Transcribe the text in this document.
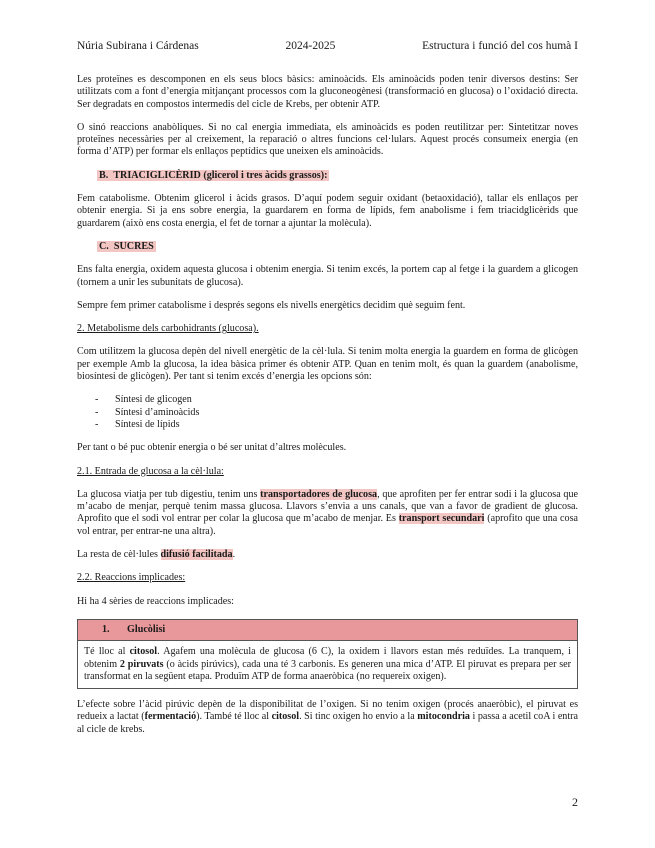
Núria Subirana i Cárdenas	2024-2025	Estructura i funció del cos humà I

Les proteïnes es descomponen en els seus blocs bàsics: aminoàcids. Els aminoàcids poden tenir diversos destins: Ser utilitzats com a font d’energia mitjançant processos com la gluconeogènesi (transformació en glucosa) o l’oxidació directa. Ser degradats en compostos intermedis del cicle de Krebs, per obtenir ATP.

O sinó reaccions anabòliques. Si no cal energia immediata, els aminoàcids es poden reutilitzar per: Sintetitzar noves proteïnes necessàries per al creixement, la reparació o altres funcions cel·lulars. Aquest procés consumeix energia (en forma d’ATP) per formar els enllaços peptídics que uneixen els aminoàcids.

B. TRIACIGLICÈRID (glicerol i tres àcids grassos):

Fem catabolisme. Obtenim glicerol i àcids grasos. D’aquí podem seguir oxidant (betaoxidació), tallar els enllaços per obtenir energia. Si ja ens sobre energia, la guardarem en forma de lípids, fem anabolisme i fem triacidglicèrids que guardarem (això ens costa energia, el fet de tornar a ajuntar la molècula).

C. SUCRES

Ens falta energia, oxidem aquesta glucosa i obtenim energia. Si tenim excés, la portem cap al fetge i la guardem a glicogen (tornem a unir les subunitats de glucosa).

Sempre fem primer catabolisme i després segons els nivells energètics decidim què seguim fent.

2. Metabolisme dels carbohidrants (glucosa).

Com utilitzem la glucosa depèn del nivell energètic de la cèl·lula. Si tenim molta energia la guardem en forma de glicògen per exemple Amb la glucosa, la idea bàsica primer és obtenir ATP. Quan en tenim molt, és quan la guardem (anabolisme, biosíntesi de glicògen). Per tant si tenim excés d’energia les opcions són:

- Síntesi de glicogen
- Síntesi d’aminoàcids
- Síntesi de lípids

Per tant o bé puc obtenir energia o bé ser unitat d’altres molècules.

2.1. Entrada de glucosa a la cèl·lula:

La glucosa viatja per tub digestiu, tenim uns transportadores de glucosa, que aprofiten per fer entrar sodi i la glucosa que m’acabo de menjar, perquè tenim massa glucosa. Llavors s’envia a uns canals, que van a favor de gradient de glucosa. Aprofito que el sodi vol entrar per colar la glucosa que m’acabo de menjar. Es transport secundari (aprofito que una cosa vol entrar, per entrar-ne una altra).

La resta de cèl·lules difusió facilitada.

2.2. Reaccions implicades:

Hi ha 4 sèries de reaccions implicades:

1. Glucòlisi
Té lloc al citosol. Agafem una molècula de glucosa (6 C), la oxidem i llavors estan més reduïdes. La tranquem, i obtenim 2 piruvats (o àcids pirúvics), cada una té 3 carbonis. Es generen una mica d’ATP. El piruvat es prepara per ser transformat en la següent etapa. Produïm ATP de forma anaeròbica (no requereix oxigen).

L’efecte sobre l’àcid pirúvic depèn de la disponibilitat de l’oxigen. Si no tenim oxigen (procés anaeròbic), el piruvat es redueix a lactat (fermentació). També té lloc al citosol. Si tinc oxigen ho envio a la mitocondria i passa a acetil coA i entra al cicle de krebs.

2
